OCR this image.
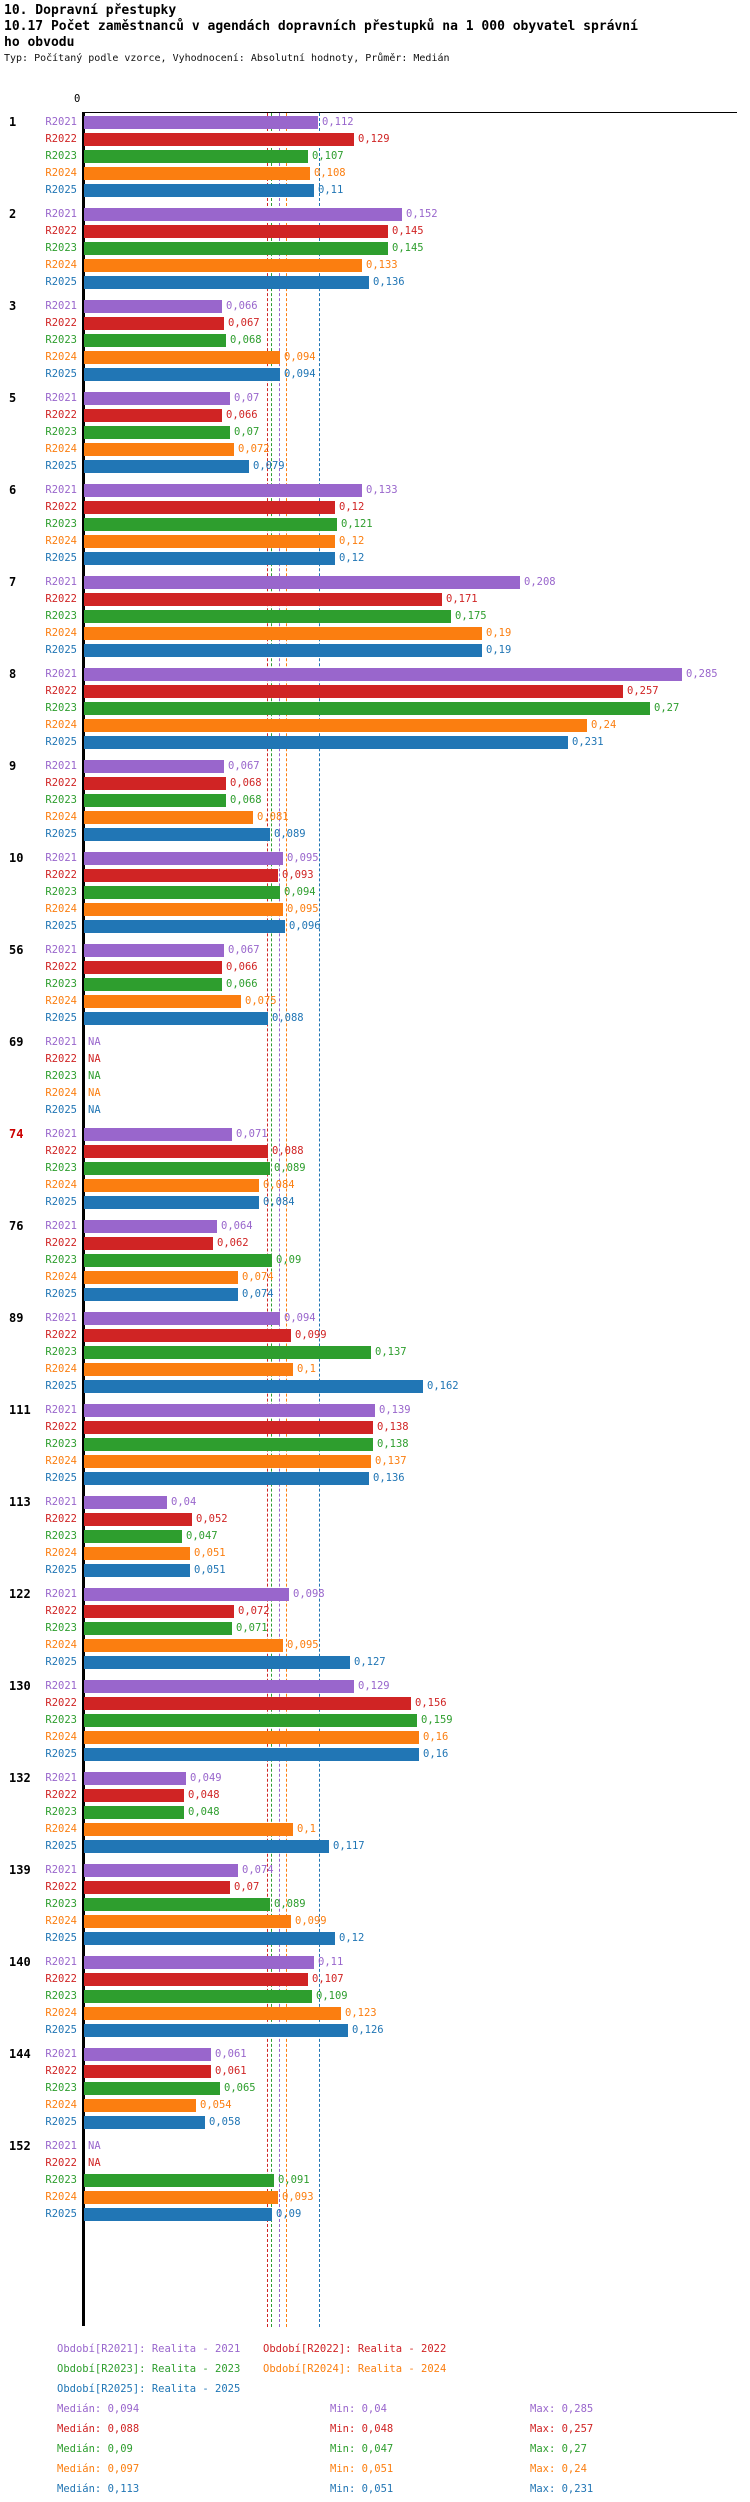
10. Dopravní přestupky
10.17 Počet zaměstnanců v agendách dopravních přestupků na 1 000 obyvatel správní
ho obvodu
Typ: Počítaný podle vzorce, Vyhodnocení: Absolutní hodnoty, Průměr: Medián
0
1	R2021	0,112
R2022	0,129
R2023	0,107
R2024	0,108
R2025	0,11
2	R2021	0,152
R2022	0,145
R2023	0,145
R2024	0,133
R2025	0,136
3	R2021	0,066
R2022	0,067
R2023	0,068
R2024	0,094
R2025	0,094
5	R2021	0,07
R2022	0,066
R2023	0,07
R2024	0,072
R2025	0,079
6	R2021	0,133
R2022	0,12
R2023	0,121
R2024	0,12
R2025	0,12
7	R2021	0,208
R2022	0,171
R2023	0,175
R2024	0,19
R2025	0,19
8	R2021	0,285
R2022	0,257
R2023	0,27
R2024	0,24
R2025	0,231
9	R2021	0,067
R2022	0,068
R2023	0,068
R2024	0,081
R2025	0,089
10	R2021	0,095
R2022	0,093
R2023	0,094
R2024	0,095
R2025	0,096
56	R2021	0,067
R2022	0,066
R2023	0,066
R2024	0,075
R2025	0,088
69	R2021 NA
R2022 NA
R2023 NA
R2024 NA
R2025 NA
74	R2021	0,071
R2022	0,088
R2023	0,089
R2024	0,084
R2025	0,084
76	R2021	0,064
R2022	0,062
R2023	0,09
R2024	0,074
R2025	0,074
89	R2021	0,094
R2022	0,099
R2023	0,137
R2024	0,1
R2025	0,162
111	R2021	0,139
R2022	0,138
R2023	0,138
R2024	0,137
R2025	0,136
113	R2021	0,04
R2022	0,052
R2023	0,047
R2024	0,051
R2025	0,051
122	R2021	0,098
R2022	0,072
R2023	0,071
R2024	0,095
R2025	0,127
130	R2021	0,129
R2022	0,156
R2023	0,159
R2024	0,16
R2025	0,16
132	R2021	0,049
R2022	0,048
R2023	0,048
R2024	0,1
R2025	0,117
139	R2021	0,074
R2022	0,07
R2023	0,089
R2024	0,099
R2025	0,12
140	R2021	0,11
R2022	0,107
R2023	0,109
R2024	0,123
R2025	0,126
144	R2021	0,061
R2022	0,061
R2023	0,065
R2024	0,054
R2025	0,058
152	R2021 NA
R2022 NA
R2023	0,091
R2024	0,093
R2025	0,09
Období[R2021]: Realita - 2021 Období[R2022]: Realita - 2022
Období[R2023]: Realita - 2023 Období[R2024]: Realita - 2024
Období[R2025]: Realita - 2025
Medián: 0,094	Min: 0,04	Max: 0,285
Medián: 0,088	Min: 0,048	Max: 0,257
Medián: 0,09	Min: 0,047	Max: 0,27
Medián: 0,097	Min: 0,051	Max: 0,24
Medián: 0,113	Min: 0,051	Max: 0,231
